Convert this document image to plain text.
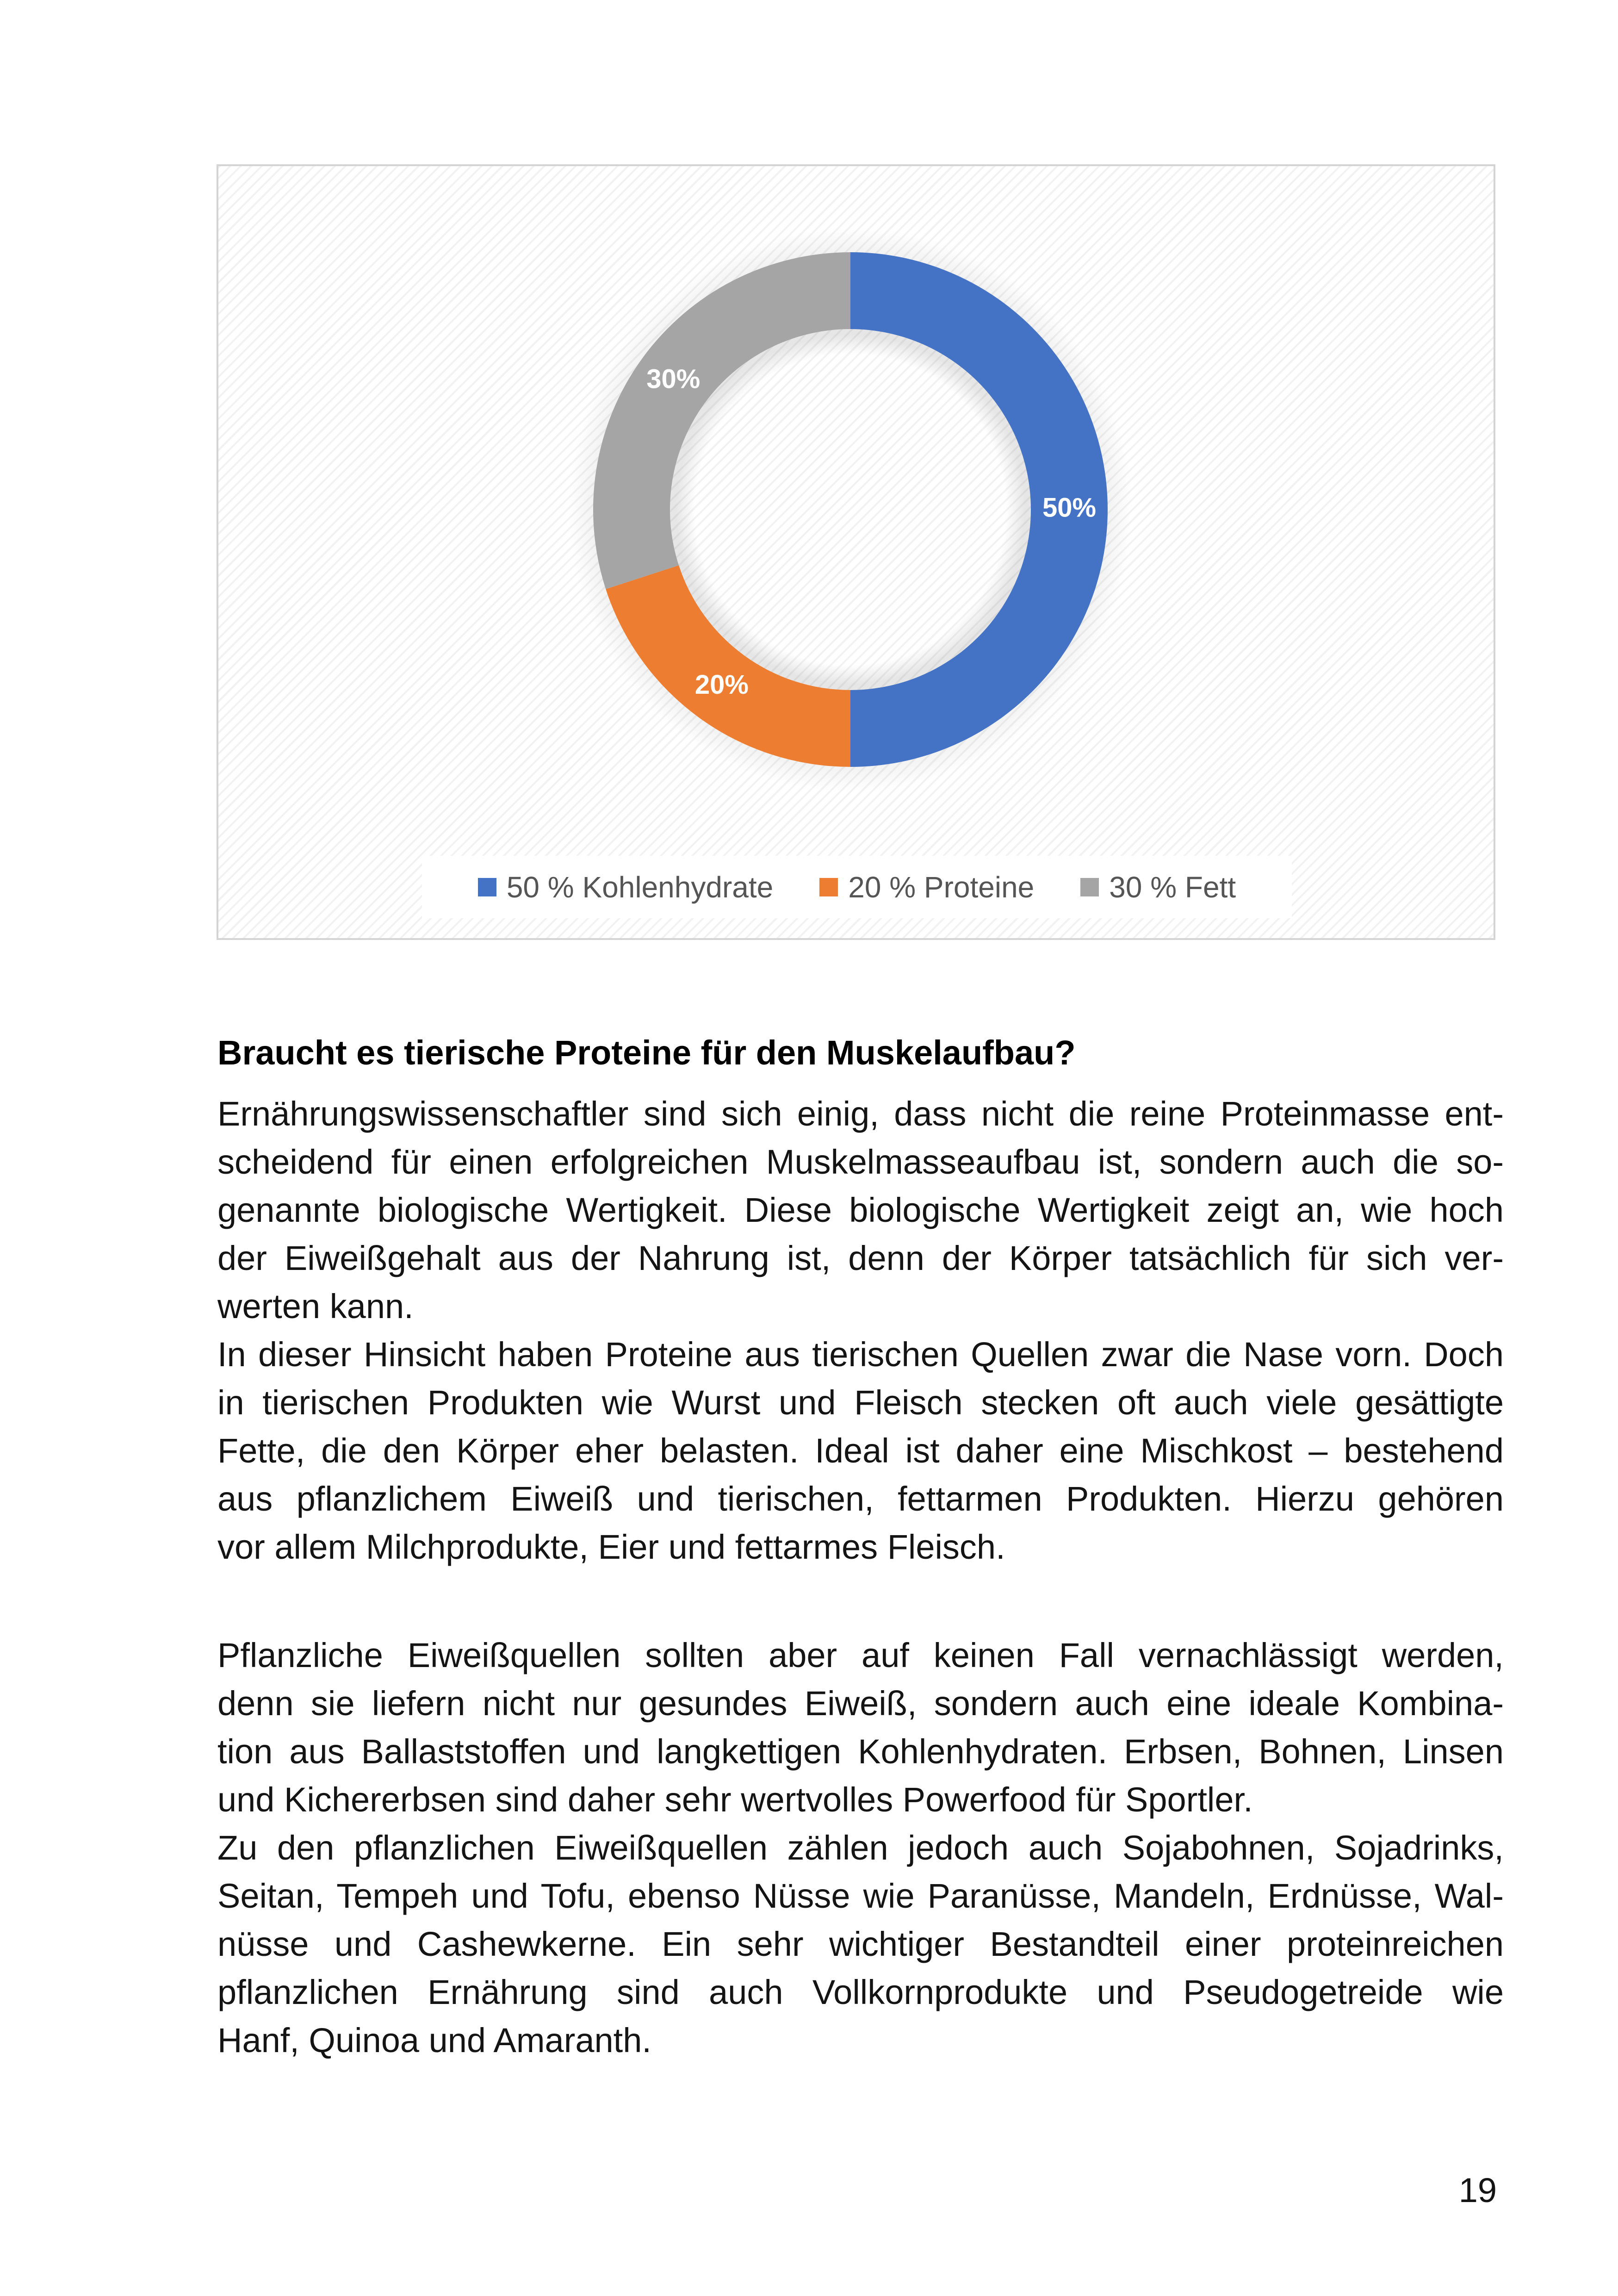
50%
20%
30%
50 % Kohlenhydrate	20 % Proteine	30 % Fett
Braucht es tierische Proteine für den Muskelaufbau?
Ernährungswissenschaftler sind sich einig, dass nicht die reine Proteinmasse ent-
scheidend für einen erfolgreichen Muskelmasseaufbau ist, sondern auch die so-
genannte biologische Wertigkeit. Diese biologische Wertigkeit zeigt an, wie hoch
der Eiweißgehalt aus der Nahrung ist, denn der Körper tatsächlich für sich ver-
werten kann.
In dieser Hinsicht haben Proteine aus tierischen Quellen zwar die Nase vorn. Doch
in tierischen Produkten wie Wurst und Fleisch stecken oft auch viele gesättigte
Fette, die den Körper eher belasten. Ideal ist daher eine Mischkost – bestehend
aus pflanzlichem Eiweiß und tierischen, fettarmen Produkten. Hierzu gehören
vor allem Milchprodukte, Eier und fettarmes Fleisch.
Pflanzliche Eiweißquellen sollten aber auf keinen Fall vernachlässigt werden,
denn sie liefern nicht nur gesundes Eiweiß, sondern auch eine ideale Kombina-
tion aus Ballaststoffen und langkettigen Kohlenhydraten. Erbsen, Bohnen, Linsen
und Kichererbsen sind daher sehr wertvolles Powerfood für Sportler.
Zu den pflanzlichen Eiweißquellen zählen jedoch auch Sojabohnen, Sojadrinks,
Seitan, Tempeh und Tofu, ebenso Nüsse wie Paranüsse, Mandeln, Erdnüsse, Wal-
nüsse und Cashewkerne. Ein sehr wichtiger Bestandteil einer proteinreichen
pflanzlichen Ernährung sind auch Vollkornprodukte und Pseudogetreide wie
Hanf, Quinoa und Amaranth.
19
